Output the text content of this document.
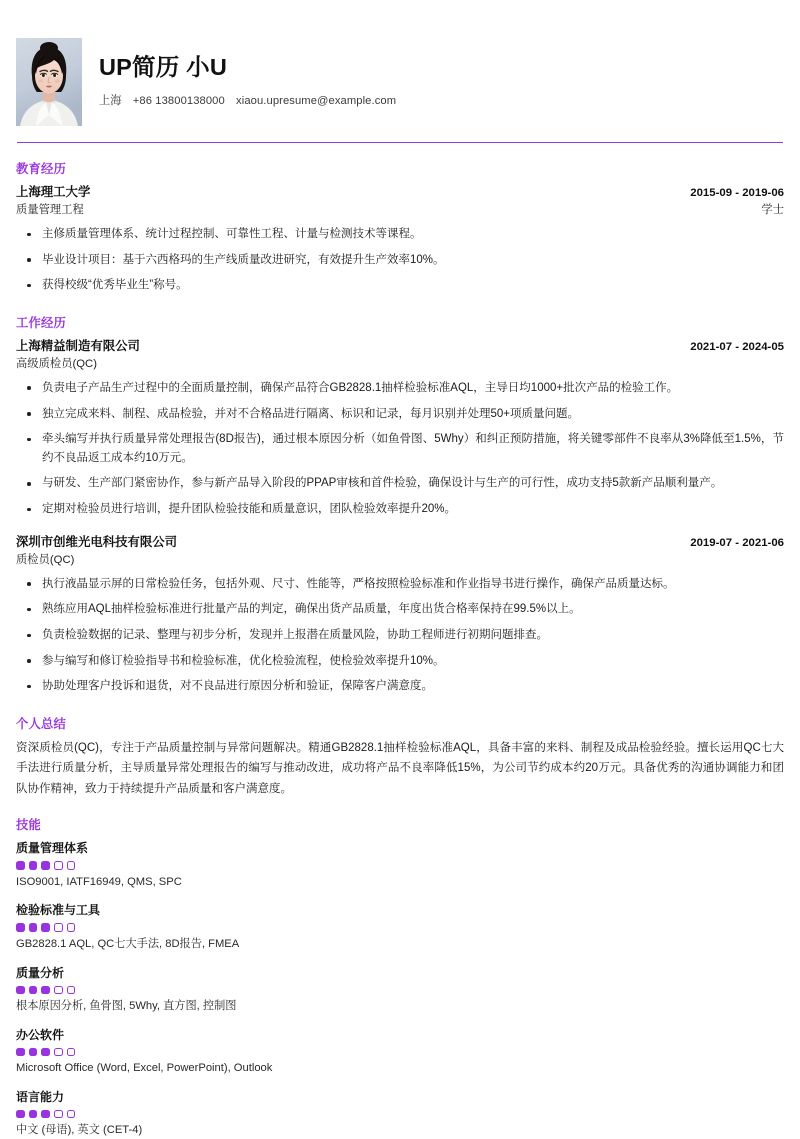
UP简历 小U
上海 +86 13800138000 xiaou.upresume@example.com
教育经历
上海理工大学	2015-09 - 2019-06
质量管理工程	学士
主修质量管理体系、统计过程控制、可靠性工程、计量与检测技术等课程。
毕业设计项目：基于六西格玛的生产线质量改进研究，有效提升生产效率10%。
获得校级“优秀毕业生”称号。
工作经历
上海精益制造有限公司	2021-07 - 2024-05
高级质检员(QC)
负责电子产品生产过程中的全面质量控制，确保产品符合GB2828.1抽样检验标准AQL，主导日均1000+批次产品的检验工作。
独立完成来料、制程、成品检验，并对不合格品进行隔离、标识和记录，每月识别并处理50+项质量问题。
牵头编写并执行质量异常处理报告(8D报告)，通过根本原因分析（如鱼骨图、5Why）和纠正预防措施，将关键零部件不良率从3%降低至1.5%，节约不良品返工成本约10万元。
与研发、生产部门紧密协作，参与新产品导入阶段的PPAP审核和首件检验，确保设计与生产的可行性，成功支持5款新产品顺利量产。
定期对检验员进行培训，提升团队检验技能和质量意识，团队检验效率提升20%。
深圳市创维光电科技有限公司	2019-07 - 2021-06
质检员(QC)
执行液晶显示屏的日常检验任务，包括外观、尺寸、性能等，严格按照检验标准和作业指导书进行操作，确保产品质量达标。
熟练应用AQL抽样检验标准进行批量产品的判定，确保出货产品质量，年度出货合格率保持在99.5%以上。
负责检验数据的记录、整理与初步分析，发现并上报潜在质量风险，协助工程师进行初期问题排查。
参与编写和修订检验指导书和检验标准，优化检验流程，使检验效率提升10%。
协助处理客户投诉和退货，对不良品进行原因分析和验证，保障客户满意度。
个人总结
资深质检员(QC)，专注于产品质量控制与异常问题解决。精通GB2828.1抽样检验标准AQL，具备丰富的来料、制程及成品检验经验。擅长运用QC七大手法进行质量分析，主导质量异常处理报告的编写与推动改进，成功将产品不良率降低15%，为公司节约成本约20万元。具备优秀的沟通协调能力和团队协作精神，致力于持续提升产品质量和客户满意度。
技能
质量管理体系
ISO9001, IATF16949, QMS, SPC
检验标准与工具
GB2828.1 AQL, QC七大手法, 8D报告, FMEA
质量分析
根本原因分析, 鱼骨图, 5Why, 直方图, 控制图
办公软件
Microsoft Office (Word, Excel, PowerPoint), Outlook
语言能力
中文 (母语), 英文 (CET-4)
